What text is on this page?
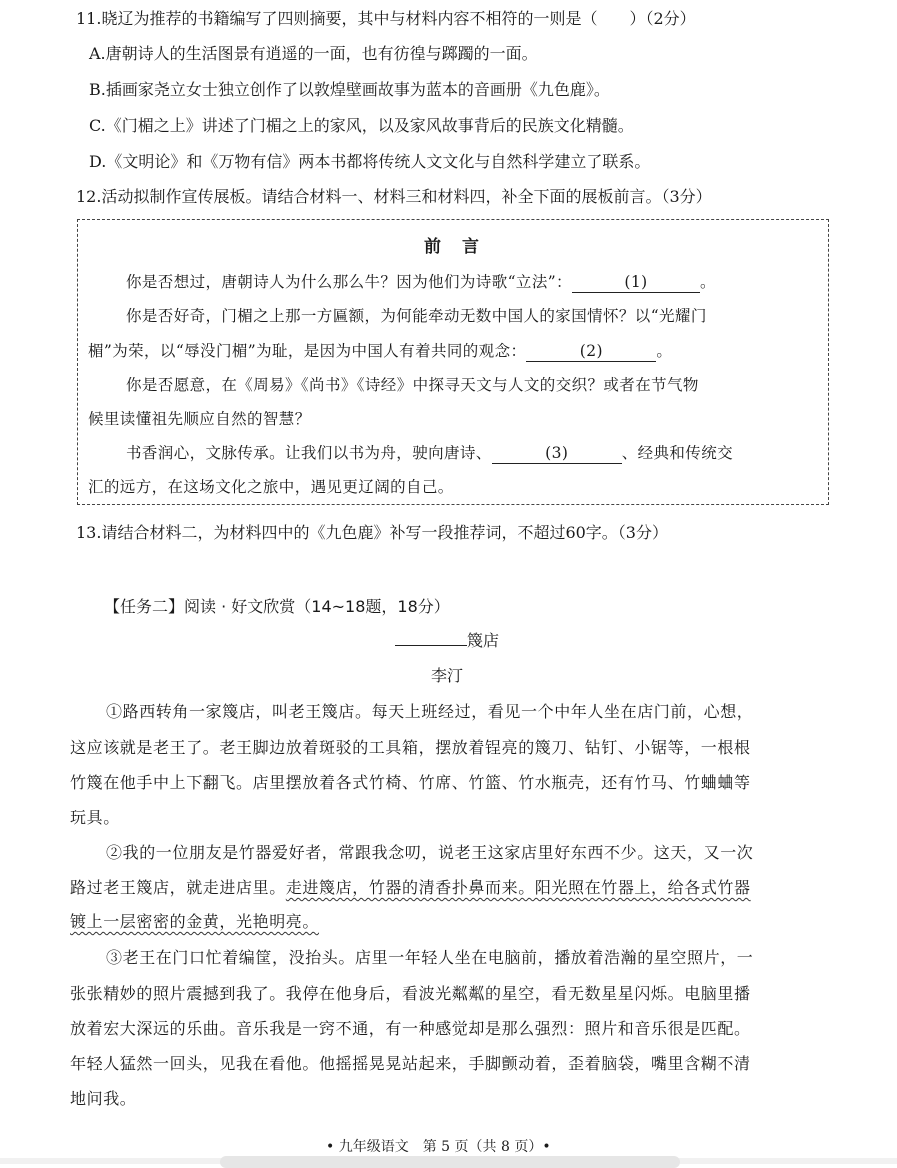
11.晓辽为推荐的书籍编写了四则摘要，其中与材料内容不相符的一则是（　　）（2分）
A.唐朝诗人的生活图景有逍遥的一面，也有彷徨与踯躅的一面。
B.插画家尧立女士独立创作了以敦煌壁画故事为蓝本的音画册《九色鹿》。
C.《门楣之上》讲述了门楣之上的家风，以及家风故事背后的民族文化精髓。
D.《文明论》和《万物有信》两本书都将传统人文文化与自然科学建立了联系。
12.活动拟制作宣传展板。请结合材料一、材料三和材料四，补全下面的展板前言。（3分）
前　言
你是否想过，唐朝诗人为什么那么牛？因为他们为诗歌“立法”：	(1)	。
你是否好奇，门楣之上那一方匾额，为何能牵动无数中国人的家国情怀？以“光耀门
楣”为荣，以“辱没门楣”为耻，是因为中国人有着共同的观念：	(2)	。
你是否愿意，在《周易》《尚书》《诗经》中探寻天文与人文的交织？或者在节气物
候里读懂祖先顺应自然的智慧？
书香润心，文脉传承。让我们以书为舟，驶向唐诗、	(3)	、经典和传统交
汇的远方，在这场文化之旅中，遇见更辽阔的自己。
13.请结合材料二，为材料四中的《九色鹿》补写一段推荐词，不超过60字。（3分）
【任务二】阅读 · 好文欣赏（14~18题，18分）
篾店
李汀
①路西转角一家篾店，叫老王篾店。每天上班经过，看见一个中年人坐在店门前，心想，
这应该就是老王了。老王脚边放着斑驳的工具箱，摆放着锃亮的篾刀、钻钉、小锯等，一根根
竹篾在他手中上下翻飞。店里摆放着各式竹椅、竹席、竹篮、竹水瓶壳，还有竹马、竹蛐蛐等
玩具。
②我的一位朋友是竹器爱好者，常跟我念叨，说老王这家店里好东西不少。这天，又一次
路过老王篾店，就走进店里。走进篾店，竹器的清香扑鼻而来。阳光照在竹器上，给各式竹器
镀上一层密密的金黄，光艳明亮。
③老王在门口忙着编筐，没抬头。店里一年轻人坐在电脑前，播放着浩瀚的星空照片，一
张张精妙的照片震撼到我了。我停在他身后，看波光粼粼的星空，看无数星星闪烁。电脑里播
放着宏大深远的乐曲。音乐我是一窍不通，有一种感觉却是那么强烈：照片和音乐很是匹配。
年轻人猛然一回头，见我在看他。他摇摇晃晃站起来，手脚颤动着，歪着脑袋，嘴里含糊不清
地问我。
• 九年级语文　第 5 页（共 8 页）•
